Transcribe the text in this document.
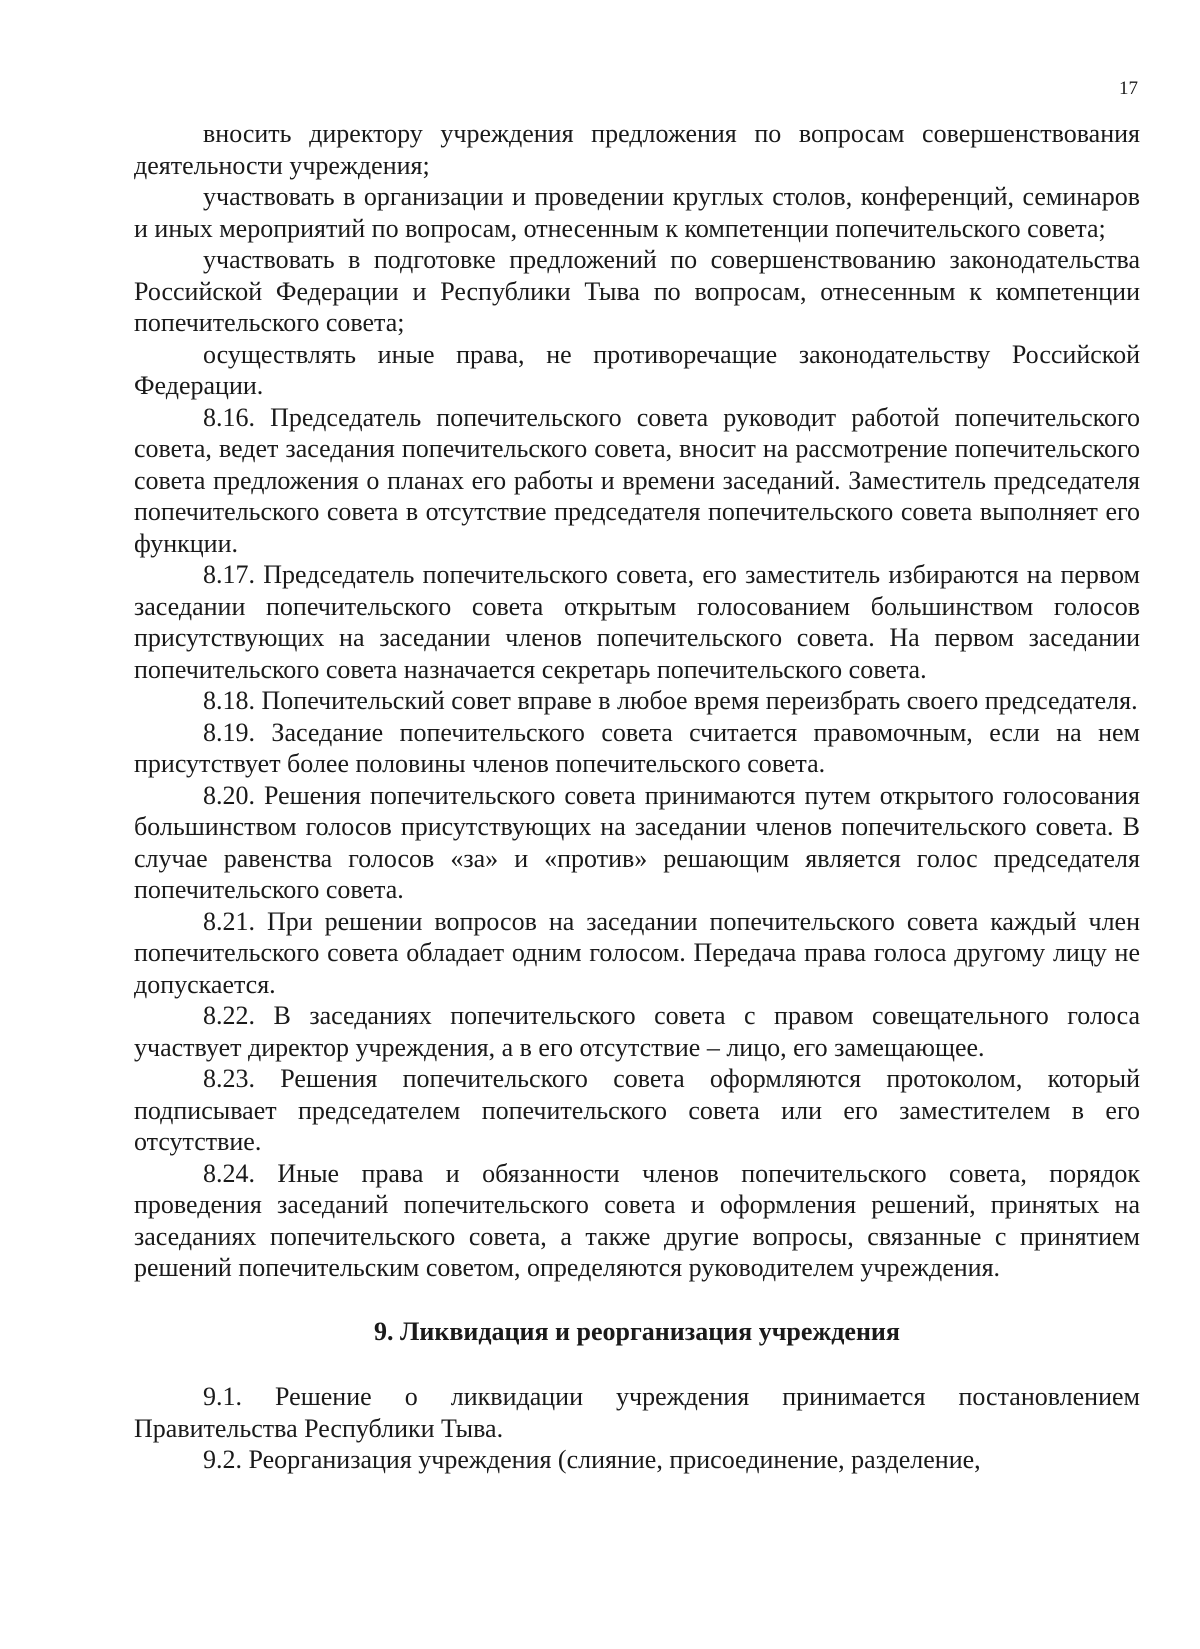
17

вносить директору учреждения предложения по вопросам совершенствования деятельности учреждения;

участвовать в организации и проведении круглых столов, конференций, семинаров и иных мероприятий по вопросам, отнесенным к компетенции попечительского совета;

участвовать в подготовке предложений по совершенствованию законодательства Российской Федерации и Республики Тыва по вопросам, отнесенным к компетенции попечительского совета;

осуществлять иные права, не противоречащие законодательству Российской Федерации.

8.16. Председатель попечительского совета руководит работой попечительского совета, ведет заседания попечительского совета, вносит на рассмотрение попечительского совета предложения о планах его работы и времени заседаний. Заместитель председателя попечительского совета в отсутствие председателя попечительского совета выполняет его функции.

8.17. Председатель попечительского совета, его заместитель избираются на первом заседании попечительского совета открытым голосованием большинством голосов присутствующих на заседании членов попечительского совета. На первом заседании попечительского совета назначается секретарь попечительского совета.

8.18. Попечительский совет вправе в любое время переизбрать своего председателя.

8.19. Заседание попечительского совета считается правомочным, если на нем присутствует более половины членов попечительского совета.

8.20. Решения попечительского совета принимаются путем открытого голосования большинством голосов присутствующих на заседании членов попечительского совета. В случае равенства голосов «за» и «против» решающим является голос председателя попечительского совета.

8.21. При решении вопросов на заседании попечительского совета каждый член попечительского совета обладает одним голосом. Передача права голоса другому лицу не допускается.

8.22. В заседаниях попечительского совета с правом совещательного голоса участвует директор учреждения, а в его отсутствие – лицо, его замещающее.

8.23. Решения попечительского совета оформляются протоколом, который подписывает председателем попечительского совета или его заместителем в его отсутствие.

8.24. Иные права и обязанности членов попечительского совета, порядок проведения заседаний попечительского совета и оформления решений, принятых на заседаниях попечительского совета, а также другие вопросы, связанные с принятием решений попечительским советом, определяются руководителем учреждения.

9. Ликвидация и реорганизация учреждения

9.1. Решение о ликвидации учреждения принимается постановлением Правительства Республики Тыва.

9.2. Реорганизация учреждения (слияние, присоединение, разделение,
